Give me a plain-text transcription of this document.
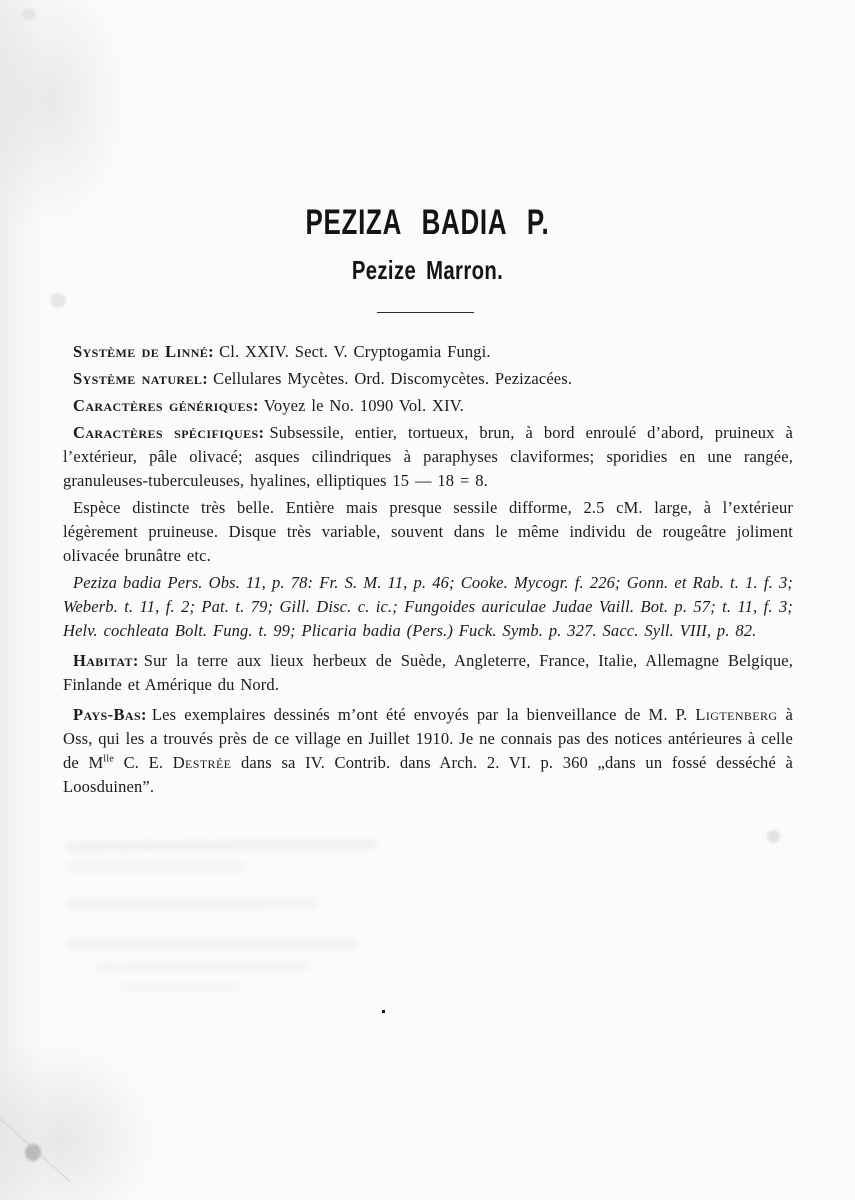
PEZIZA BADIA P.
Pezize Marron.

Système de Linné: Cl. XXIV. Sect. V. Cryptogamia Fungi.

Système naturel: Cellulares Mycètes. Ord. Discomycètes. Pezizacées.

Caractères génériques: Voyez le No. 1090 Vol. XIV.

Caractères spécifiques: Subsessile, entier, tortueux, brun, à bord enroulé d’abord, pruineux à l’extérieur, pâle olivacé; asques cilindriques à paraphyses claviformes; sporidies en une rangée, granuleuses-tuberculeuses, hyalines, elliptiques 15 — 18 = 8.

Espèce distincte très belle. Entière mais presque sessile difforme, 2.5 cM. large, à l’extérieur légèrement pruineuse. Disque très variable, souvent dans le même individu de rougeâtre joliment olivacée brunâtre etc.

Peziza badia Pers. Obs. 11, p. 78: Fr. S. M. 11, p. 46; Cooke. Mycogr. f. 226; Gonn. et Rab. t. 1. f. 3; Weberb. t. 11, f. 2; Pat. t. 79; Gill. Disc. c. ic.; Fungoides auriculae Judae Vaill. Bot. p. 57; t. 11, f. 3; Helv. cochleata Bolt. Fung. t. 99; Plicaria badia (Pers.) Fuck. Symb. p. 327. Sacc. Syll. VIII, p. 82.

Habitat: Sur la terre aux lieux herbeux de Suède, Angleterre, France, Italie, Allemagne Belgique, Finlande et Amérique du Nord.

Pays-Bas: Les exemplaires dessinés m’ont été envoyés par la bienveillance de M. P. Ligtenberg à Oss, qui les a trouvés près de ce village en Juillet 1910. Je ne connais pas des notices antérieures à celle de $M^{lle}$ C. E. Destrée dans sa IV. Contrib. dans Arch. 2. VI. p. 360 „dans un fossé desséché à Loosduinen”.
